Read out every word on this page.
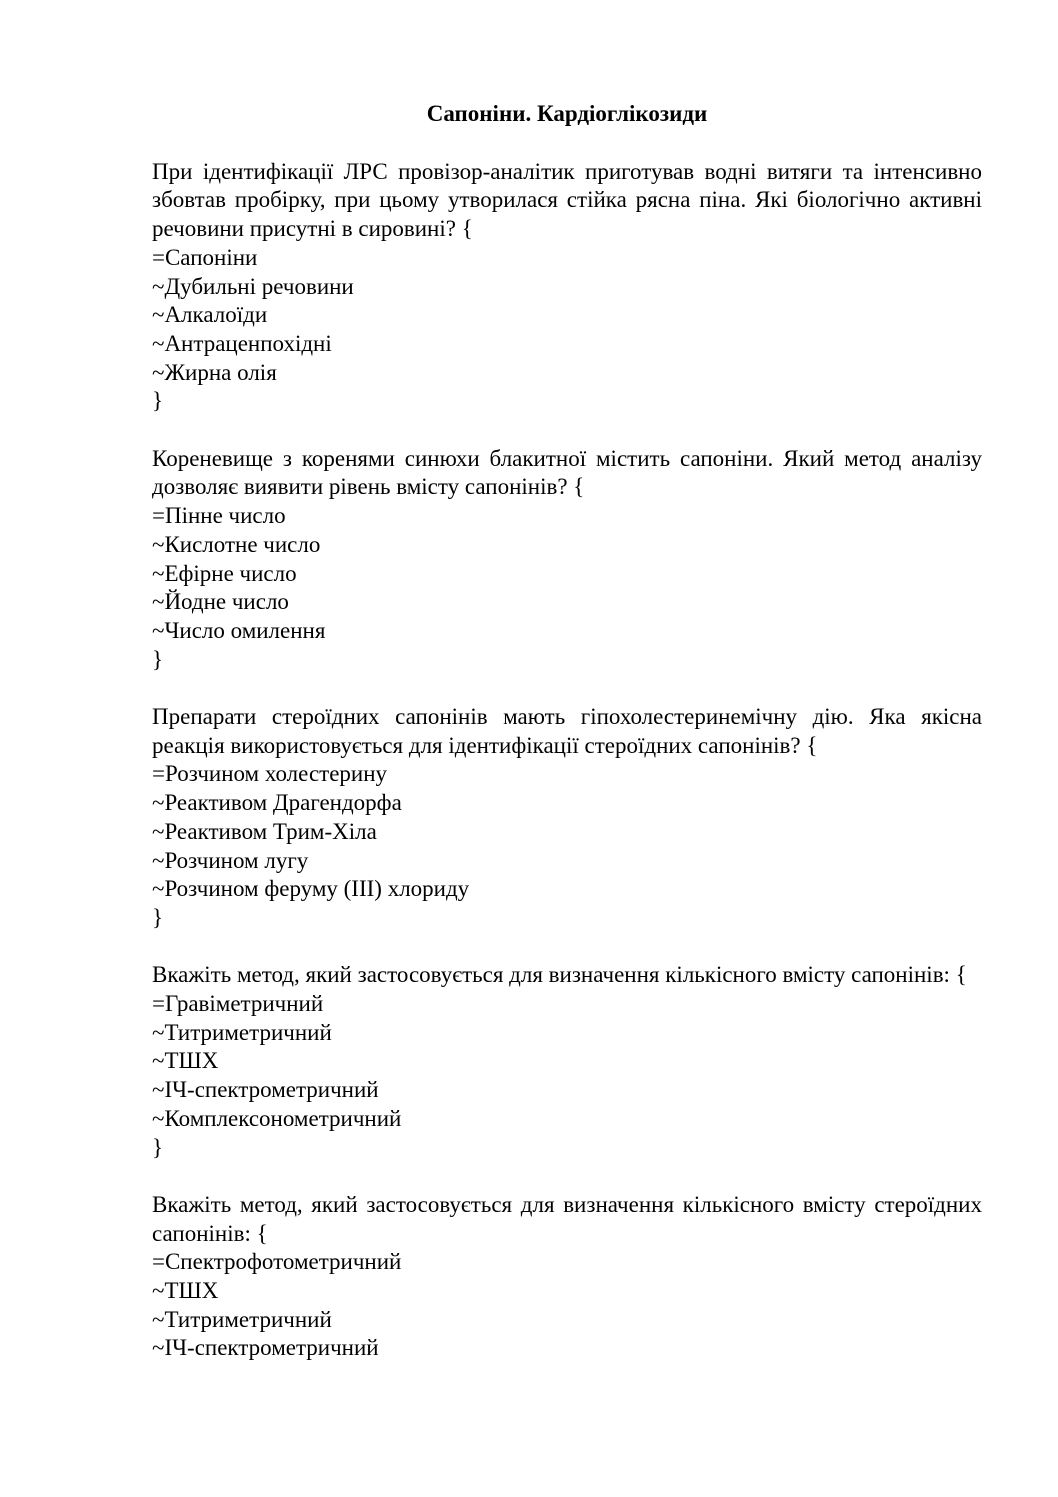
Сапоніни. Кардіоглікозиди

При ідентифікації ЛРС провізор-аналітик приготував водні витяги та інтенсивно збовтав пробірку, при цьому утворилася стійка рясна піна. Які біологічно активні речовини присутні в сировині? {

=Сапоніни

~Дубильні речовини

~Алкалоїди

~Антраценпохідні

~Жирна олія

}

Кореневище з коренями синюхи блакитної містить сапоніни. Який метод аналізу дозволяє виявити рівень вмісту сапонінів? {

=Пінне число

~Кислотне число

~Ефірне число

~Йодне число

~Число омилення

}

Препарати стероїдних сапонінів мають гіпохолестеринемічну дію. Яка якісна реакція використовується для ідентифікації стероїдних сапонінів? {

=Розчином холестерину

~Реактивом Драгендорфа

~Реактивом Трим-Хіла

~Розчином лугу

~Розчином феруму (III) хлориду

}

Вкажіть метод, який застосовується для визначення кількісного вмісту сапонінів: {

=Гравіметричний

~Титриметричний

~ТШХ

~ІЧ-спектрометричний

~Комплексонометричний

}

Вкажіть метод, який застосовується для визначення кількісного вмісту стероїдних сапонінів: {

=Спектрофотометричний

~ТШХ

~Титриметричний

~ІЧ-спектрометричний
